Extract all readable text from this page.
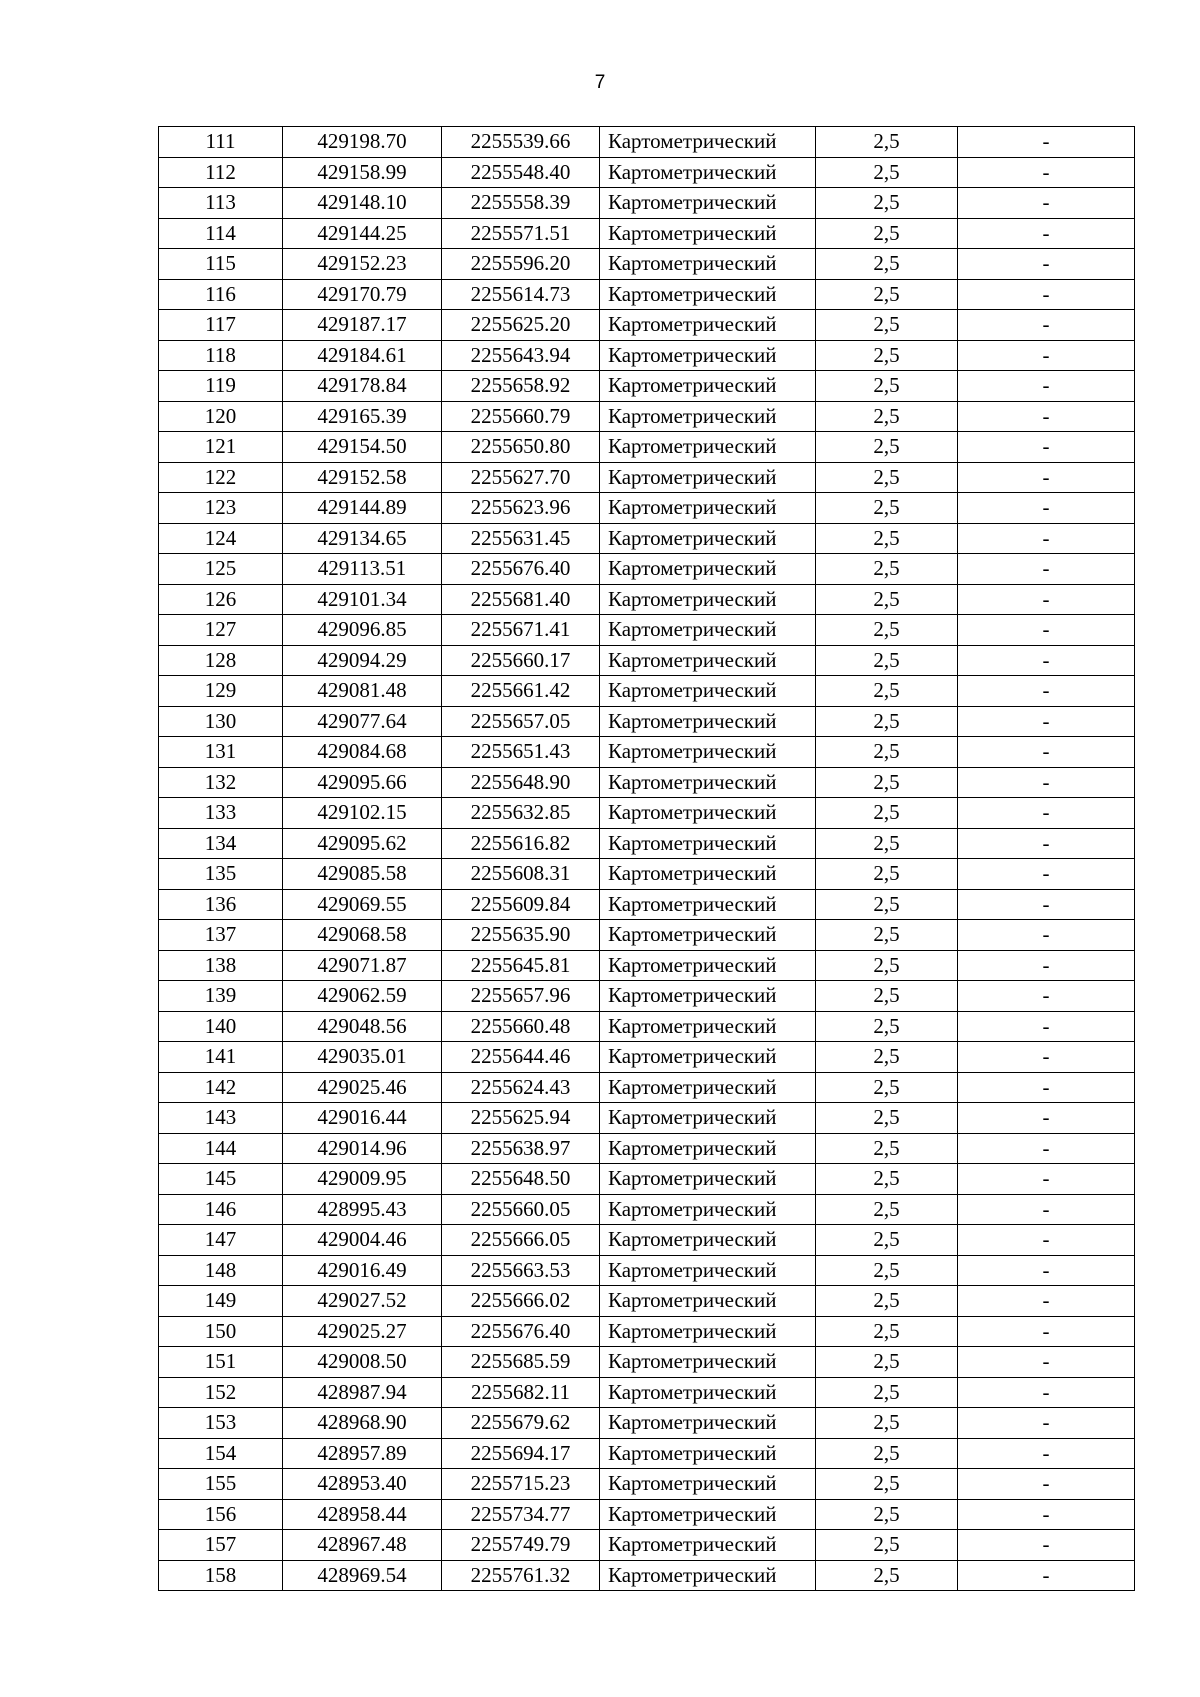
7
111	429198.70	2255539.66	Картометрический	2,5	-
112	429158.99	2255548.40	Картометрический	2,5	-
113	429148.10	2255558.39	Картометрический	2,5	-
114	429144.25	2255571.51	Картометрический	2,5	-
115	429152.23	2255596.20	Картометрический	2,5	-
116	429170.79	2255614.73	Картометрический	2,5	-
117	429187.17	2255625.20	Картометрический	2,5	-
118	429184.61	2255643.94	Картометрический	2,5	-
119	429178.84	2255658.92	Картометрический	2,5	-
120	429165.39	2255660.79	Картометрический	2,5	-
121	429154.50	2255650.80	Картометрический	2,5	-
122	429152.58	2255627.70	Картометрический	2,5	-
123	429144.89	2255623.96	Картометрический	2,5	-
124	429134.65	2255631.45	Картометрический	2,5	-
125	429113.51	2255676.40	Картометрический	2,5	-
126	429101.34	2255681.40	Картометрический	2,5	-
127	429096.85	2255671.41	Картометрический	2,5	-
128	429094.29	2255660.17	Картометрический	2,5	-
129	429081.48	2255661.42	Картометрический	2,5	-
130	429077.64	2255657.05	Картометрический	2,5	-
131	429084.68	2255651.43	Картометрический	2,5	-
132	429095.66	2255648.90	Картометрический	2,5	-
133	429102.15	2255632.85	Картометрический	2,5	-
134	429095.62	2255616.82	Картометрический	2,5	-
135	429085.58	2255608.31	Картометрический	2,5	-
136	429069.55	2255609.84	Картометрический	2,5	-
137	429068.58	2255635.90	Картометрический	2,5	-
138	429071.87	2255645.81	Картометрический	2,5	-
139	429062.59	2255657.96	Картометрический	2,5	-
140	429048.56	2255660.48	Картометрический	2,5	-
141	429035.01	2255644.46	Картометрический	2,5	-
142	429025.46	2255624.43	Картометрический	2,5	-
143	429016.44	2255625.94	Картометрический	2,5	-
144	429014.96	2255638.97	Картометрический	2,5	-
145	429009.95	2255648.50	Картометрический	2,5	-
146	428995.43	2255660.05	Картометрический	2,5	-
147	429004.46	2255666.05	Картометрический	2,5	-
148	429016.49	2255663.53	Картометрический	2,5	-
149	429027.52	2255666.02	Картометрический	2,5	-
150	429025.27	2255676.40	Картометрический	2,5	-
151	429008.50	2255685.59	Картометрический	2,5	-
152	428987.94	2255682.11	Картометрический	2,5	-
153	428968.90	2255679.62	Картометрический	2,5	-
154	428957.89	2255694.17	Картометрический	2,5	-
155	428953.40	2255715.23	Картометрический	2,5	-
156	428958.44	2255734.77	Картометрический	2,5	-
157	428967.48	2255749.79	Картометрический	2,5	-
158	428969.54	2255761.32	Картометрический	2,5	-
